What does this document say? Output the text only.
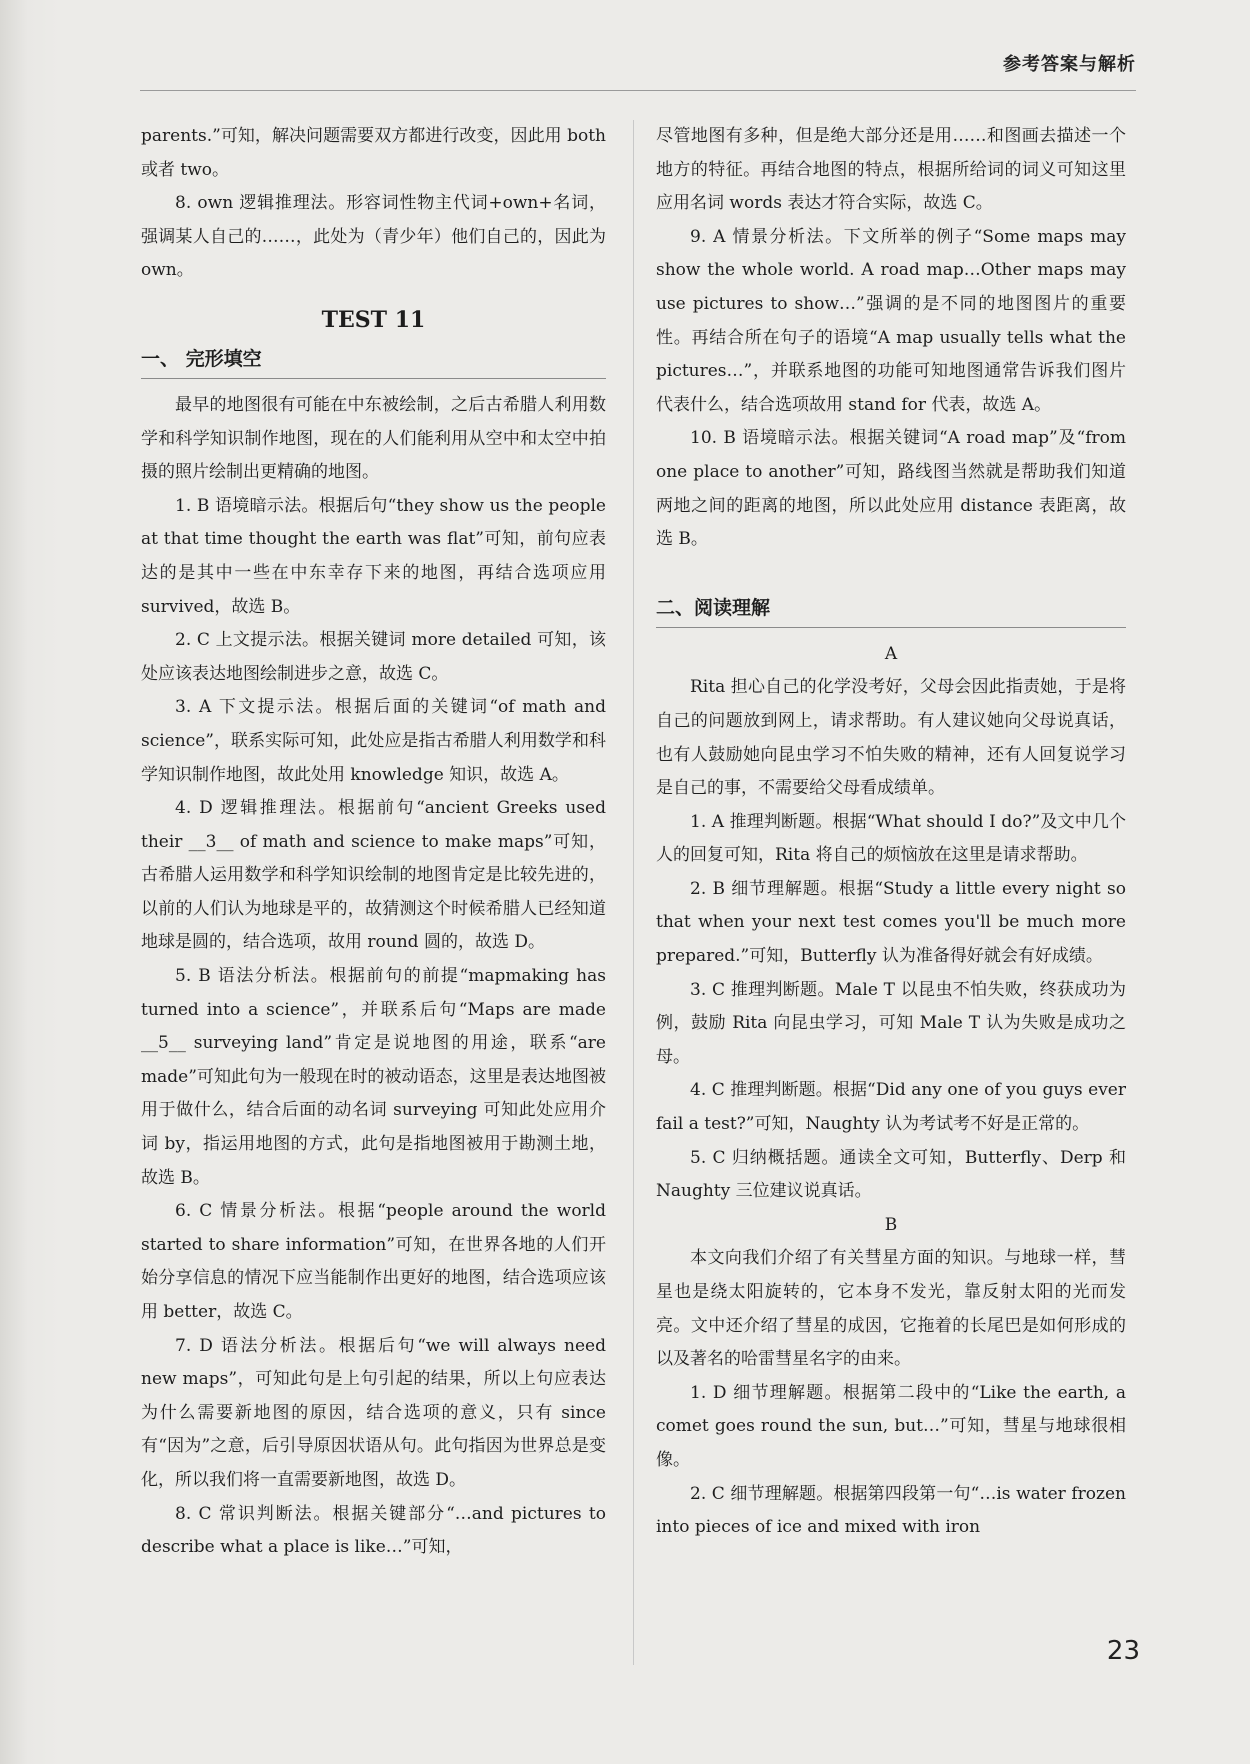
参考答案与解析

parents.”可知，解决问题需要双方都进行改变，因此用 both 或者 two。

8. own 逻辑推理法。形容词性物主代词+own+名词，强调某人自己的……，此处为（青少年）他们自己的，因此为 own。

TEST 11
一、 完形填空

最早的地图很有可能在中东被绘制，之后古希腊人利用数学和科学知识制作地图，现在的人们能利用从空中和太空中拍摄的照片绘制出更精确的地图。

1. B 语境暗示法。根据后句“they show us the people at that time thought the earth was flat”可知，前句应表达的是其中一些在中东幸存下来的地图，再结合选项应用 survived，故选 B。

2. C 上文提示法。根据关键词 more detailed 可知，该处应该表达地图绘制进步之意，故选 C。

3. A 下文提示法。根据后面的关键词“of math and science”，联系实际可知，此处应是指古希腊人利用数学和科学知识制作地图，故此处用 knowledge 知识，故选 A。

4. D 逻辑推理法。根据前句“ancient Greeks used their __3__ of math and science to make maps”可知，古希腊人运用数学和科学知识绘制的地图肯定是比较先进的，以前的人们认为地球是平的，故猜测这个时候希腊人已经知道地球是圆的，结合选项，故用 round 圆的，故选 D。

5. B 语法分析法。根据前句的前提“mapmaking has turned into a science”，并联系后句“Maps are made __5__ surveying land”肯定是说地图的用途，联系“are made”可知此句为一般现在时的被动语态，这里是表达地图被用于做什么，结合后面的动名词 surveying 可知此处应用介词 by，指运用地图的方式，此句是指地图被用于勘测土地，故选 B。

6. C 情景分析法。根据“people around the world started to share information”可知，在世界各地的人们开始分享信息的情况下应当能制作出更好的地图，结合选项应该用 better，故选 C。

7. D 语法分析法。根据后句“we will always need new maps”，可知此句是上句引起的结果，所以上句应表达为什么需要新地图的原因，结合选项的意义，只有 since 有“因为”之意，后引导原因状语从句。此句指因为世界总是变化，所以我们将一直需要新地图，故选 D。

8. C 常识判断法。根据关键部分“…and pictures to describe what a place is like…”可知，

尽管地图有多种，但是绝大部分还是用……和图画去描述一个地方的特征。再结合地图的特点，根据所给词的词义可知这里应用名词 words 表达才符合实际，故选 C。

9. A 情景分析法。下文所举的例子“Some maps may show the whole world. A road map…Other maps may use pictures to show…”强调的是不同的地图图片的重要性。再结合所在句子的语境“A map usually tells what the pictures…”，并联系地图的功能可知地图通常告诉我们图片代表什么，结合选项故用 stand for 代表，故选 A。

10. B 语境暗示法。根据关键词“A road map”及“from one place to another”可知，路线图当然就是帮助我们知道两地之间的距离的地图，所以此处应用 distance 表距离，故选 B。

二、阅读理解
A

Rita 担心自己的化学没考好，父母会因此指责她，于是将自己的问题放到网上，请求帮助。有人建议她向父母说真话，也有人鼓励她向昆虫学习不怕失败的精神，还有人回复说学习是自己的事，不需要给父母看成绩单。

1. A 推理判断题。根据“What should I do?”及文中几个人的回复可知，Rita 将自己的烦恼放在这里是请求帮助。

2. B 细节理解题。根据“Study a little every night so that when your next test comes you'll be much more prepared.”可知，Butterfly 认为准备得好就会有好成绩。

3. C 推理判断题。Male T 以昆虫不怕失败，终获成功为例，鼓励 Rita 向昆虫学习，可知 Male T 认为失败是成功之母。

4. C 推理判断题。根据“Did any one of you guys ever fail a test?”可知，Naughty 认为考试考不好是正常的。

5. C 归纳概括题。通读全文可知，Butterfly、Derp 和 Naughty 三位建议说真话。

B

本文向我们介绍了有关彗星方面的知识。与地球一样，彗星也是绕太阳旋转的，它本身不发光，靠反射太阳的光而发亮。文中还介绍了彗星的成因，它拖着的长尾巴是如何形成的以及著名的哈雷彗星名字的由来。

1. D 细节理解题。根据第二段中的“Like the earth, a comet goes round the sun, but…”可知，彗星与地球很相像。

2. C 细节理解题。根据第四段第一句“…is water frozen into pieces of ice and mixed with iron

23
